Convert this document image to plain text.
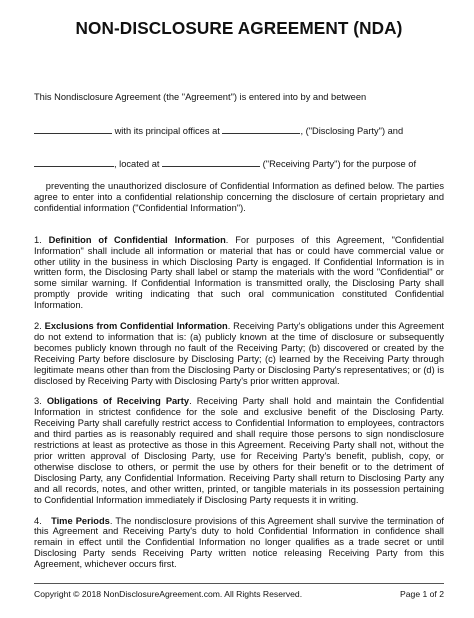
NON-DISCLOSURE AGREEMENT (NDA)

This Nondisclosure Agreement (the "Agreement") is entered into by and between

with its principal offices at	, ("Disclosing Party") and

, located at	("Receiving Party") for the purpose of

preventing the unauthorized disclosure of Confidential Information as defined below. The parties agree to enter into a confidential relationship concerning the disclosure of certain proprietary and confidential information ("Confidential Information").

1. Definition of Confidential Information. For purposes of this Agreement, "Confidential Information" shall include all information or material that has or could have commercial value or other utility in the business in which Disclosing Party is engaged. If Confidential Information is in written form, the Disclosing Party shall label or stamp the materials with the word "Confidential" or some similar warning. If Confidential Information is transmitted orally, the Disclosing Party shall promptly provide writing indicating that such oral communication constituted Confidential Information.
2. Exclusions from Confidential Information. Receiving Party's obligations under this Agreement do not extend to information that is: (a) publicly known at the time of disclosure or subsequently becomes publicly known through no fault of the Receiving Party; (b) discovered or created by the Receiving Party before disclosure by Disclosing Party; (c) learned by the Receiving Party through legitimate means other than from the Disclosing Party or Disclosing Party's representatives; or (d) is disclosed by Receiving Party with Disclosing Party's prior written approval.
3. Obligations of Receiving Party. Receiving Party shall hold and maintain the Confidential Information in strictest confidence for the sole and exclusive benefit of the Disclosing Party. Receiving Party shall carefully restrict access to Confidential Information to employees, contractors and third parties as is reasonably required and shall require those persons to sign nondisclosure restrictions at least as protective as those in this Agreement. Receiving Party shall not, without the prior written approval of Disclosing Party, use for Receiving Party's benefit, publish, copy, or otherwise disclose to others, or permit the use by others for their benefit or to the detriment of Disclosing Party, any Confidential Information. Receiving Party shall return to Disclosing Party any and all records, notes, and other written, printed, or tangible materials in its possession pertaining to Confidential Information immediately if Disclosing Party requests it in writing.
4. Time Periods. The nondisclosure provisions of this Agreement shall survive the termination of this Agreement and Receiving Party's duty to hold Confidential Information in confidence shall remain in effect until the Confidential Information no longer qualifies as a trade secret or until Disclosing Party sends Receiving Party written notice releasing Receiving Party from this Agreement, whichever occurs first.
Copyright © 2018 NonDisclosureAgreement.com. All Rights Reserved.	Page 1 of 2
